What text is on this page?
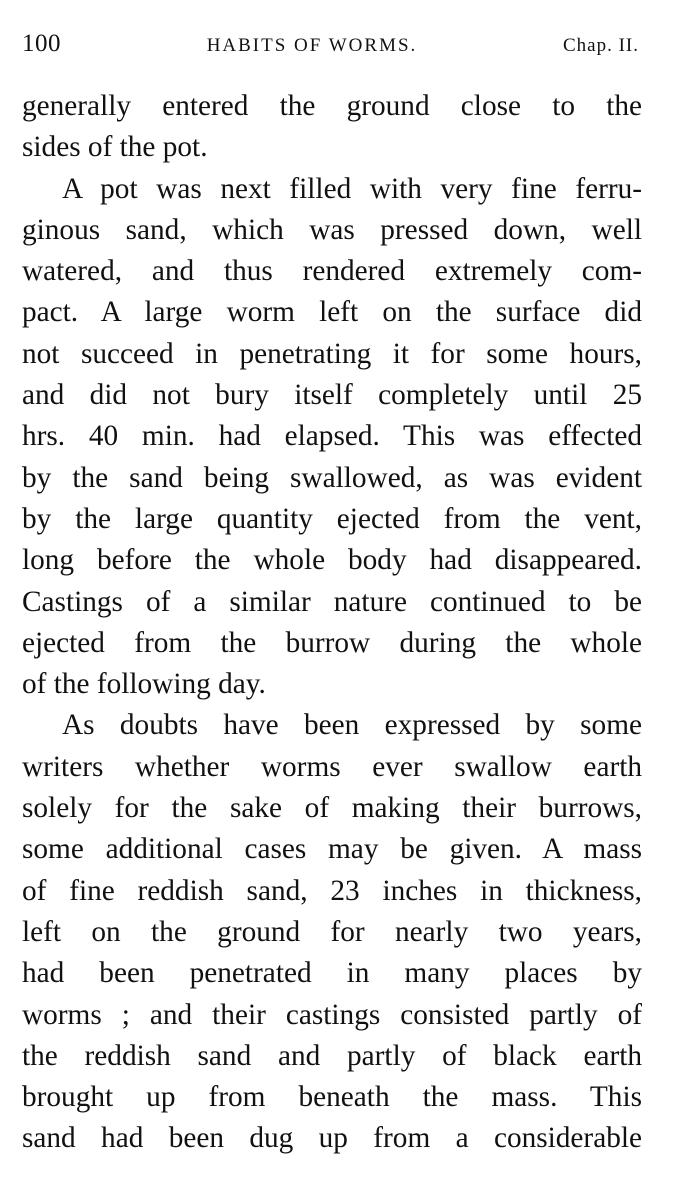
100	HABITS OF WORMS.	Chap. II.
generally entered the ground close to the
sides of the pot.
A pot was next filled with very fine ferru-
ginous sand, which was pressed down, well
watered, and thus rendered extremely com-
pact. A large worm left on the surface did
not succeed in penetrating it for some hours,
and did not bury itself completely until 25
hrs. 40 min. had elapsed. This was effected
by the sand being swallowed, as was evident
by the large quantity ejected from the vent,
long before the whole body had disappeared.
Castings of a similar nature continued to be
ejected from the burrow during the whole
of the following day.
As doubts have been expressed by some
writers whether worms ever swallow earth
solely for the sake of making their burrows,
some additional cases may be given. A mass
of fine reddish sand, 23 inches in thickness,
left on the ground for nearly two years,
had been penetrated in many places by
worms ; and their castings consisted partly of
the reddish sand and partly of black earth
brought up from beneath the mass. This
sand had been dug up from a considerable
